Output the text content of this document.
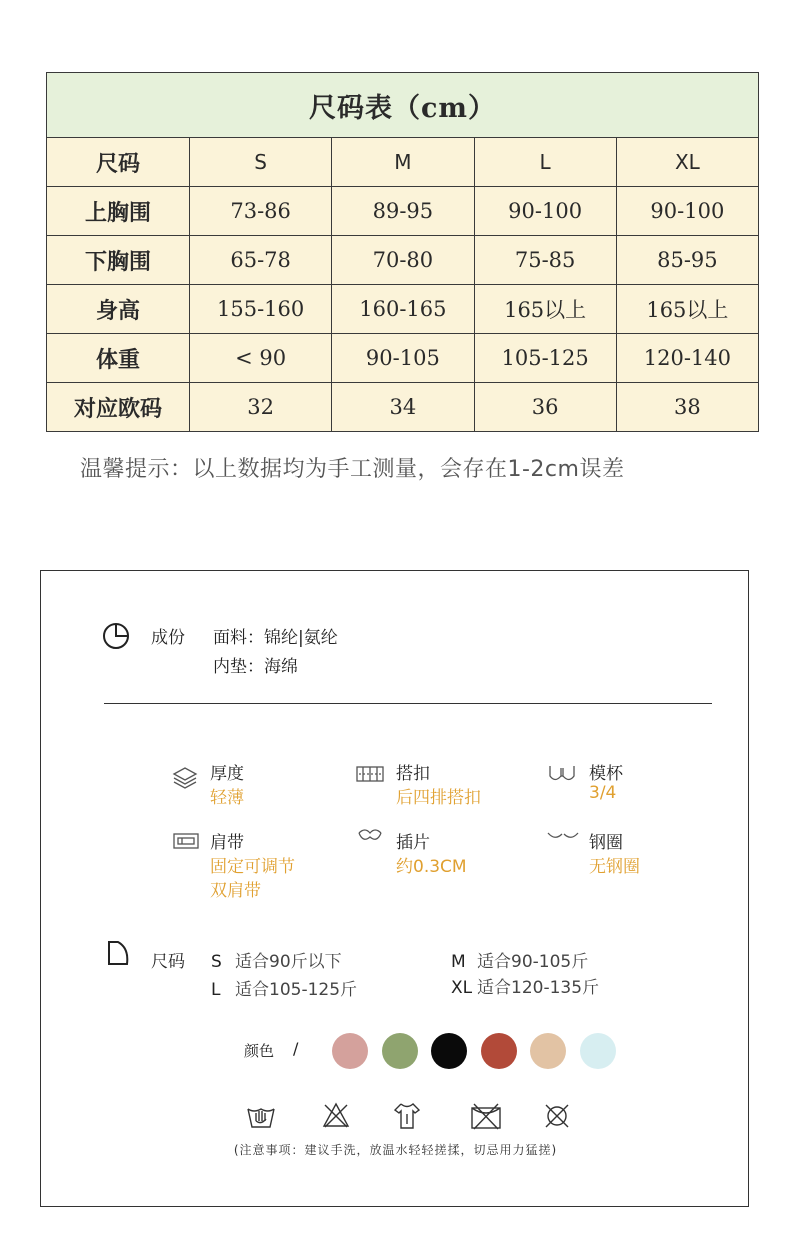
尺码表（cm）				
尺码	S	M	L	XL
上胸围	73-86	89-95	90-100	90-100
下胸围	65-78	70-80	75-85	85-95
身高	155-160	160-165	165以上	165以上
体重	< 90	90-105	105-125	120-140
对应欧码	32	34	36	38
温馨提示：以上数据均为手工测量，会存在1-2cm误差
成份 面料：锦纶|氨纶
内垫：海绵
厚度
轻薄
搭扣
后四排搭扣
模杯
3/4
肩带
固定可调节
双肩带
插片
约0.3CM
钢圈
无钢圈
尺码 S 适合90斤以下	M 适合90-105斤
L 适合105-125斤	XL 适合120-135斤
颜色 /
(注意事项：建议手洗，放温水轻轻搓揉，切忌用力猛搓)
